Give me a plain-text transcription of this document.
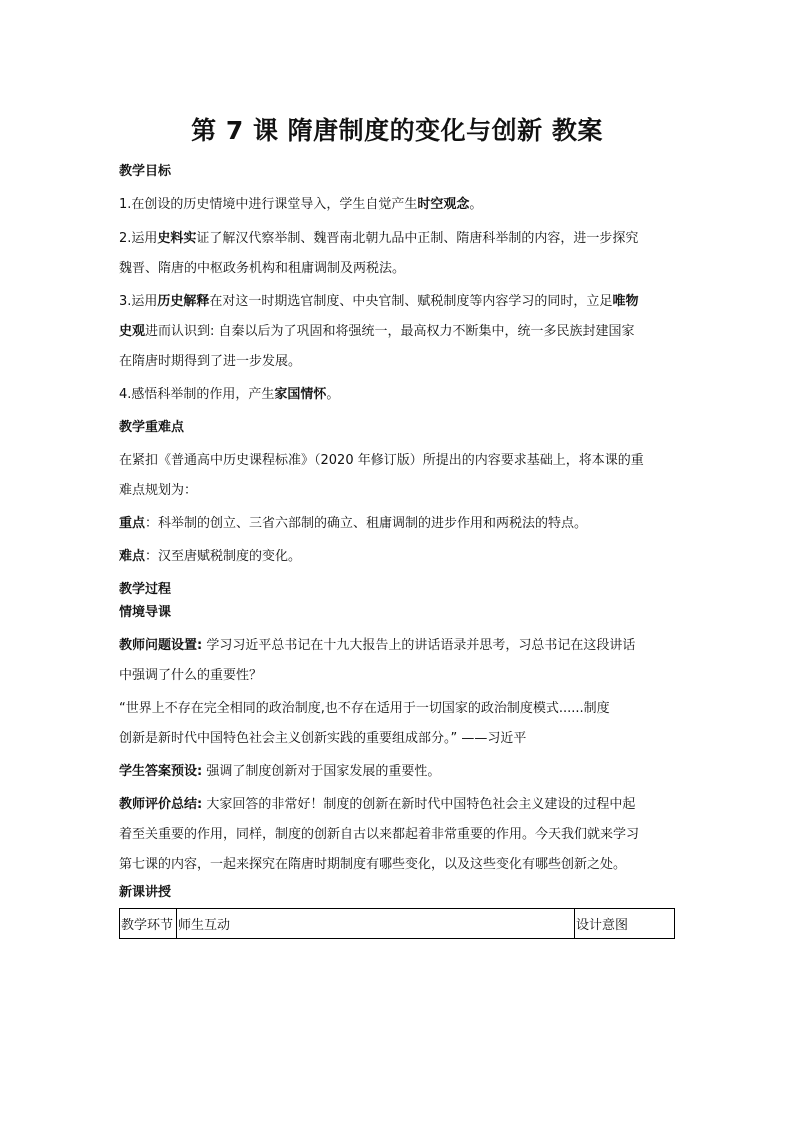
第 7 课 隋唐制度的变化与创新 教案
教学目标
1.在创设的历史情境中进行课堂导入，学生自觉产生时空观念。
2.运用史料实证了解汉代察举制、魏晋南北朝九品中正制、隋唐科举制的内容，进一步探究
魏晋、隋唐的中枢政务机构和租庸调制及两税法。
3.运用历史解释在对这一时期选官制度、中央官制、赋税制度等内容学习的同时，立足唯物
史观进而认识到: 自秦以后为了巩固和将强统一，最高权力不断集中，统一多民族封建国家
在隋唐时期得到了进一步发展。
4.感悟科举制的作用，产生家国情怀。
教学重难点
在紧扣《普通高中历史课程标准》（2020 年修订版）所提出的内容要求基础上，将本课的重
难点规划为：
重点：科举制的创立、三省六部制的确立、租庸调制的进步作用和两税法的特点。
难点：汉至唐赋税制度的变化。
教学过程
情境导课
教师问题设置: 学习习近平总书记在十九大报告上的讲话语录并思考，习总书记在这段讲话
中强调了什么的重要性？
“世界上不存在完全相同的政治制度,也不存在适用于一切国家的政治制度模式......制度
创新是新时代中国特色社会主义创新实践的重要组成部分。” ——习近平
学生答案预设: 强调了制度创新对于国家发展的重要性。
教师评价总结: 大家回答的非常好！制度的创新在新时代中国特色社会主义建设的过程中起
着至关重要的作用，同样，制度的创新自古以来都起着非常重要的作用。今天我们就来学习
第七课的内容，一起来探究在隋唐时期制度有哪些变化，以及这些变化有哪些创新之处。
新课讲授
教学环节	师生互动	设计意图
